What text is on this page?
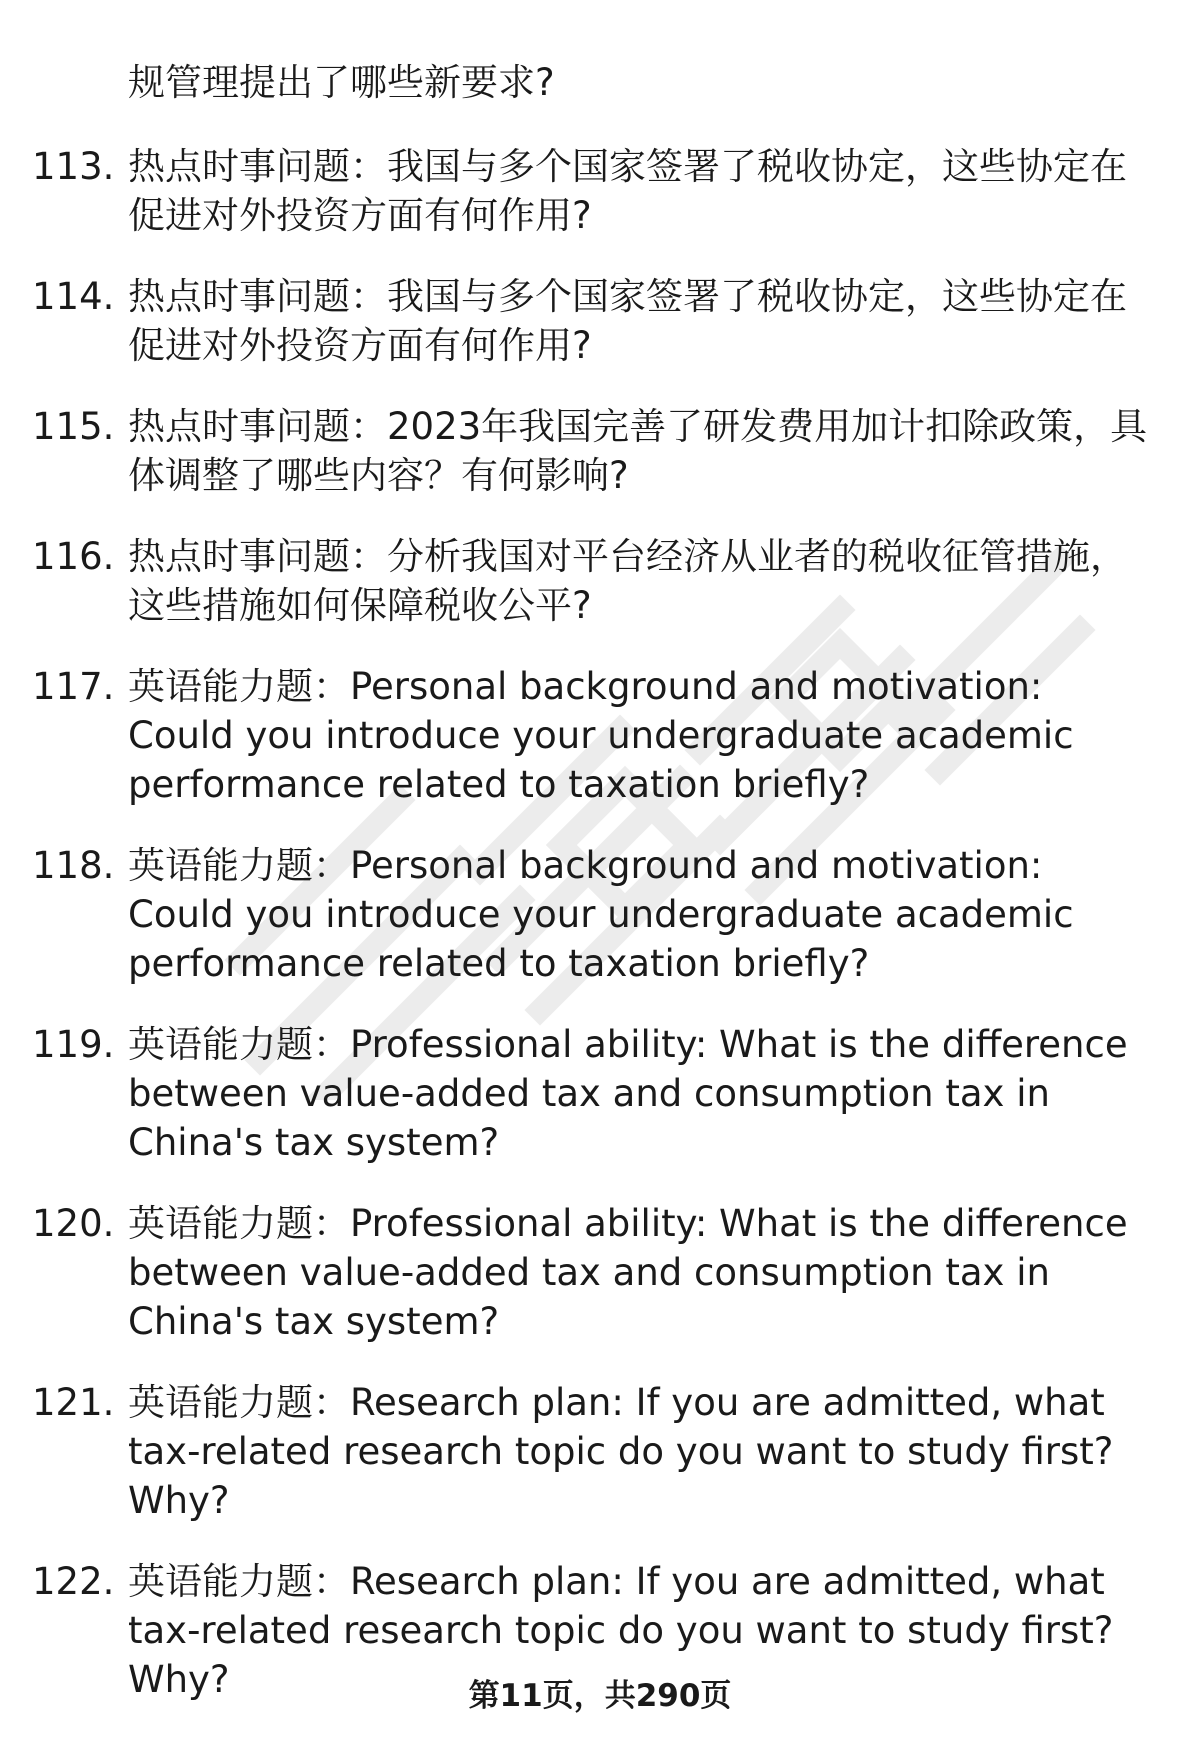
规管理提出了哪些新要求?

113. 热点时事问题：我国与多个国家签署了税收协定，这些协定在促进对外投资方面有何作用?
114. 热点时事问题：我国与多个国家签署了税收协定，这些协定在促进对外投资方面有何作用?
115. 热点时事问题：2023年我国完善了研发费用加计扣除政策，具体调整了哪些内容？有何影响?
116. 热点时事问题：分析我国对平台经济从业者的税收征管措施，这些措施如何保障税收公平?
117. 英语能力题：Personal background and motivation: Could you introduce your undergraduate academic performance related to taxation briefly?
118. 英语能力题：Personal background and motivation: Could you introduce your undergraduate academic performance related to taxation briefly?
119. 英语能力题：Professional ability: What is the difference between value-added tax and consumption tax in China's tax system?
120. 英语能力题：Professional ability: What is the difference between value-added tax and consumption tax in China's tax system?
121. 英语能力题：Research plan: If you are admitted, what tax-related research topic do you want to study first? Why?
122. 英语能力题：Research plan: If you are admitted, what tax-related research topic do you want to study first? Why?	第11页，共290页
